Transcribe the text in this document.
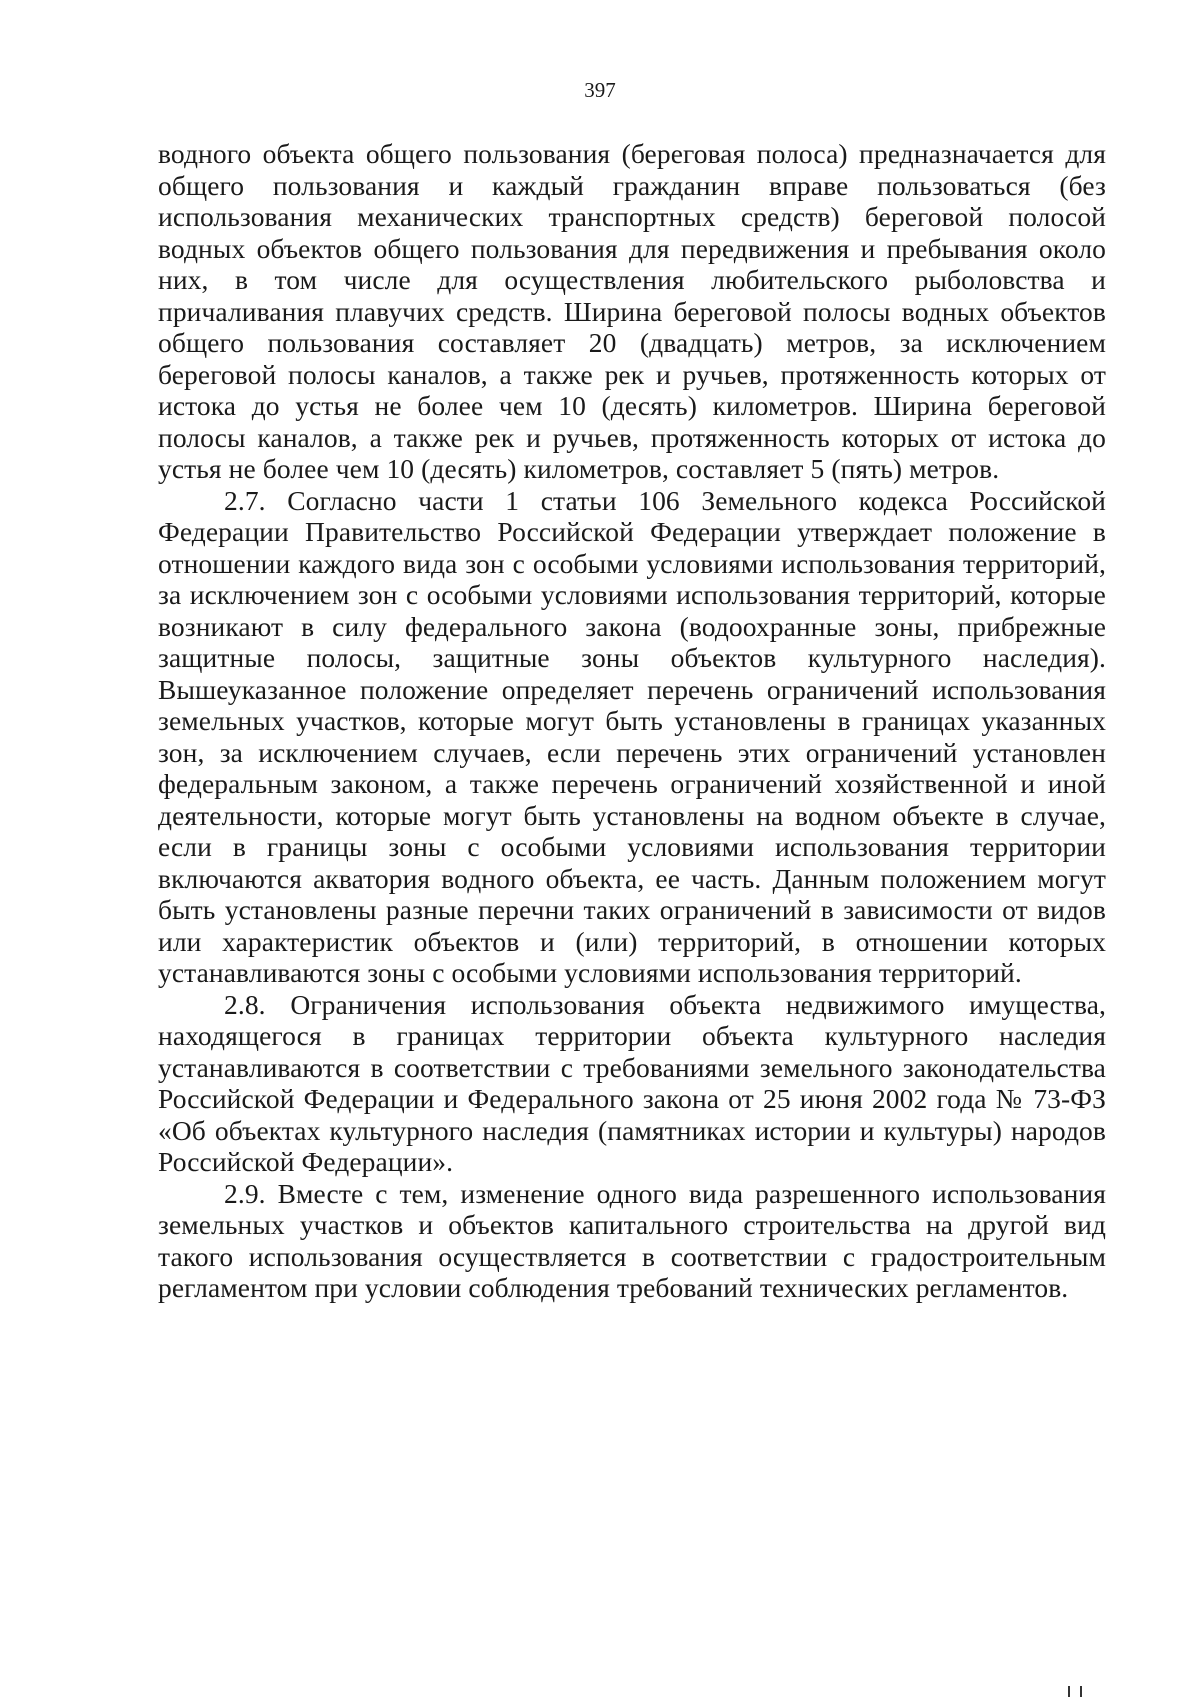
397

водного объекта общего пользования (береговая полоса) предназначается для общего пользования и каждый гражданин вправе пользоваться (без использования механических транспортных средств) береговой полосой водных объектов общего пользования для передвижения и пребывания около них, в том числе для осуществления любительского рыболовства и причаливания плавучих средств. Ширина береговой полосы водных объектов общего пользования составляет 20 (двадцать) метров, за исключением береговой полосы каналов, а также рек и ручьев, протяженность которых от истока до устья не более чем 10 (десять) километров. Ширина береговой полосы каналов, а также рек и ручьев, протяженность которых от истока до устья не более чем 10 (десять) километров, составляет 5 (пять) метров.

2.7. Согласно части 1 статьи 106 Земельного кодекса Российской Федерации Правительство Российской Федерации утверждает положение в отношении каждого вида зон с особыми условиями использования территорий, за исключением зон с особыми условиями использования территорий, которые возникают в силу федерального закона (водоохранные зоны, прибрежные защитные полосы, защитные зоны объектов культурного наследия). Вышеуказанное положение определяет перечень ограничений использования земельных участков, которые могут быть установлены в границах указанных зон, за исключением случаев, если перечень этих ограничений установлен федеральным законом, а также перечень ограничений хозяйственной и иной деятельности, которые могут быть установлены на водном объекте в случае, если в границы зоны с особыми условиями использования территории включаются акватория водного объекта, ее часть. Данным положением могут быть установлены разные перечни таких ограничений в зависимости от видов или характеристик объектов и (или) территорий, в отношении которых устанавливаются зоны с особыми условиями использования территорий.

2.8. Ограничения использования объекта недвижимого имущества, находящегося в границах территории объекта культурного наследия устанавливаются в соответствии с требованиями земельного законодательства Российской Федерации и Федерального закона от 25 июня 2002 года № 73-ФЗ «Об объектах культурного наследия (памятниках истории и культуры) народов Российской Федерации».

2.9. Вместе с тем, изменение одного вида разрешенного использования земельных участков и объектов капитального строительства на другой вид такого использования осуществляется в соответствии с градостроительным регламентом при условии соблюдения требований технических регламентов.
